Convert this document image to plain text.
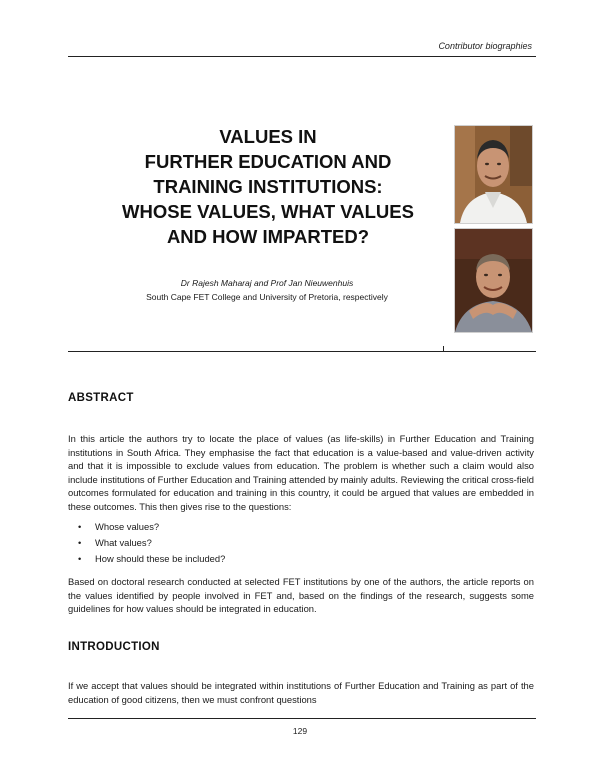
Contributor biographies
VALUES IN
FURTHER EDUCATION AND
TRAINING INSTITUTIONS:
WHOSE VALUES, WHAT VALUES
AND HOW IMPARTED?
Dr Rajesh Maharaj and Prof Jan Nieuwenhuis
South Cape FET College and University of Pretoria, respectively
ABSTRACT

In this article the authors try to locate the place of values (as life-skills) in Further Education and Training institutions in South Africa. They emphasise the fact that education is a value-based and value-driven activity and that it is impossible to exclude values from education. The problem is whether such a claim would also include institutions of Further Education and Training attended by mainly adults. Reviewing the critical cross-field outcomes formulated for education and training in this country, it could be argued that values are embedded in these outcomes. This then gives rise to the questions:

• Whose values?
• What values?
• How should these be included?

Based on doctoral research conducted at selected FET institutions by one of the authors, the article reports on the values identified by people involved in FET and, based on the findings of the research, suggests some guidelines for how values should be integrated in education.

INTRODUCTION

If we accept that values should be integrated within institutions of Further Education and Training as part of the education of good citizens, then we must confront questions

129
